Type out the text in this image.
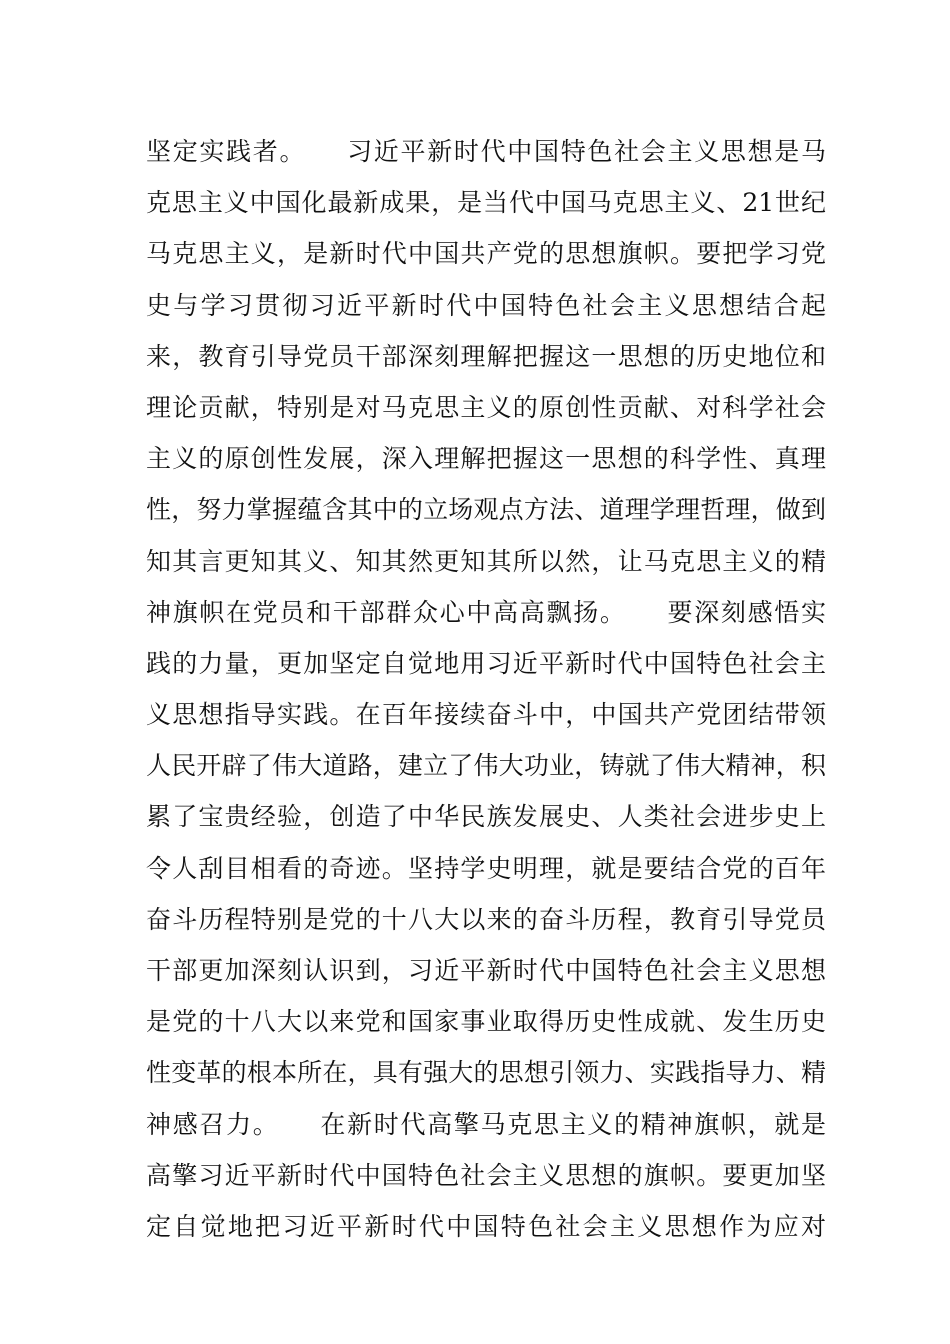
坚定实践者。　　习近平新时代中国特色社会主义思想是马
克思主义中国化最新成果，是当代中国马克思主义、21世纪
马克思主义，是新时代中国共产党的思想旗帜。要把学习党
史与学习贯彻习近平新时代中国特色社会主义思想结合起
来，教育引导党员干部深刻理解把握这一思想的历史地位和
理论贡献，特别是对马克思主义的原创性贡献、对科学社会
主义的原创性发展，深入理解把握这一思想的科学性、真理
性，努力掌握蕴含其中的立场观点方法、道理学理哲理，做到
知其言更知其义、知其然更知其所以然，让马克思主义的精
神旗帜在党员和干部群众心中高高飘扬。　　要深刻感悟实
践的力量，更加坚定自觉地用习近平新时代中国特色社会主
义思想指导实践。在百年接续奋斗中，中国共产党团结带领
人民开辟了伟大道路，建立了伟大功业，铸就了伟大精神，积
累了宝贵经验，创造了中华民族发展史、人类社会进步史上
令人刮目相看的奇迹。坚持学史明理，就是要结合党的百年
奋斗历程特别是党的十八大以来的奋斗历程，教育引导党员
干部更加深刻认识到，习近平新时代中国特色社会主义思想
是党的十八大以来党和国家事业取得历史性成就、发生历史
性变革的根本所在，具有强大的思想引领力、实践指导力、精
神感召力。　　在新时代高擎马克思主义的精神旗帜，就是
高擎习近平新时代中国特色社会主义思想的旗帜。要更加坚
定自觉地把习近平新时代中国特色社会主义思想作为应对
